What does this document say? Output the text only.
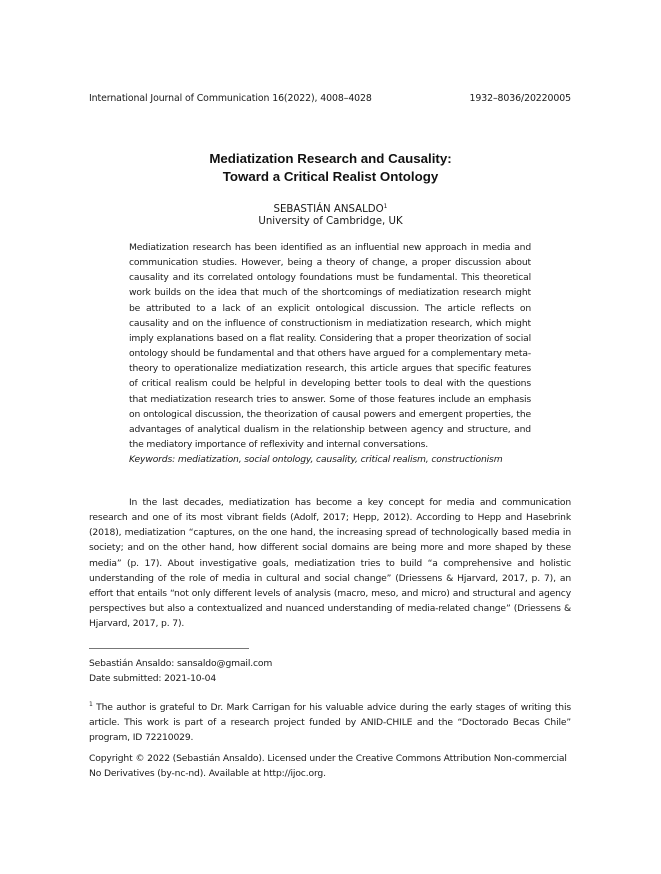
International Journal of Communication 16(2022), 4008–4028	1932–8036/20220005
Mediatization Research and Causality:
Toward a Critical Realist Ontology
SEBASTIÁN ANSALDO$^1$
University of Cambridge, UK
Mediatization research has been identified as an influential new approach in media and communication studies. However, being a theory of change, a proper discussion about causality and its correlated ontology foundations must be fundamental. This theoretical work builds on the idea that much of the shortcomings of mediatization research might be attributed to a lack of an explicit ontological discussion. The article reflects on causality and on the influence of constructionism in mediatization research, which might imply explanations based on a flat reality. Considering that a proper theorization of social ontology should be fundamental and that others have argued for a complementary meta-theory to operationalize mediatization research, this article argues that specific features of critical realism could be helpful in developing better tools to deal with the questions that mediatization research tries to answer. Some of those features include an emphasis on ontological discussion, the theorization of causal powers and emergent properties, the advantages of analytical dualism in the relationship between agency and structure, and the mediatory importance of reflexivity and internal conversations.
Keywords: mediatization, social ontology, causality, critical realism, constructionism
In the last decades, mediatization has become a key concept for media and communication research and one of its most vibrant fields (Adolf, 2017; Hepp, 2012). According to Hepp and Hasebrink (2018), mediatization “captures, on the one hand, the increasing spread of technologically based media in society; and on the other hand, how different social domains are being more and more shaped by these media” (p. 17). About investigative goals, mediatization tries to build “a comprehensive and holistic understanding of the role of media in cultural and social change” (Driessens & Hjarvard, 2017, p. 7), an effort that entails “not only different levels of analysis (macro, meso, and micro) and structural and agency perspectives but also a contextualized and nuanced understanding of media-related change” (Driessens & Hjarvard, 2017, p. 7).
Sebastián Ansaldo: sansaldo@gmail.com
Date submitted: 2021-10-04
$^1$ The author is grateful to Dr. Mark Carrigan for his valuable advice during the early stages of writing this article. This work is part of a research project funded by ANID-CHILE and the “Doctorado Becas Chile” program, ID 72210029.
Copyright © 2022 (Sebastián Ansaldo). Licensed under the Creative Commons Attribution Non-commercial
No Derivatives (by-nc-nd). Available at http://ijoc.org.
